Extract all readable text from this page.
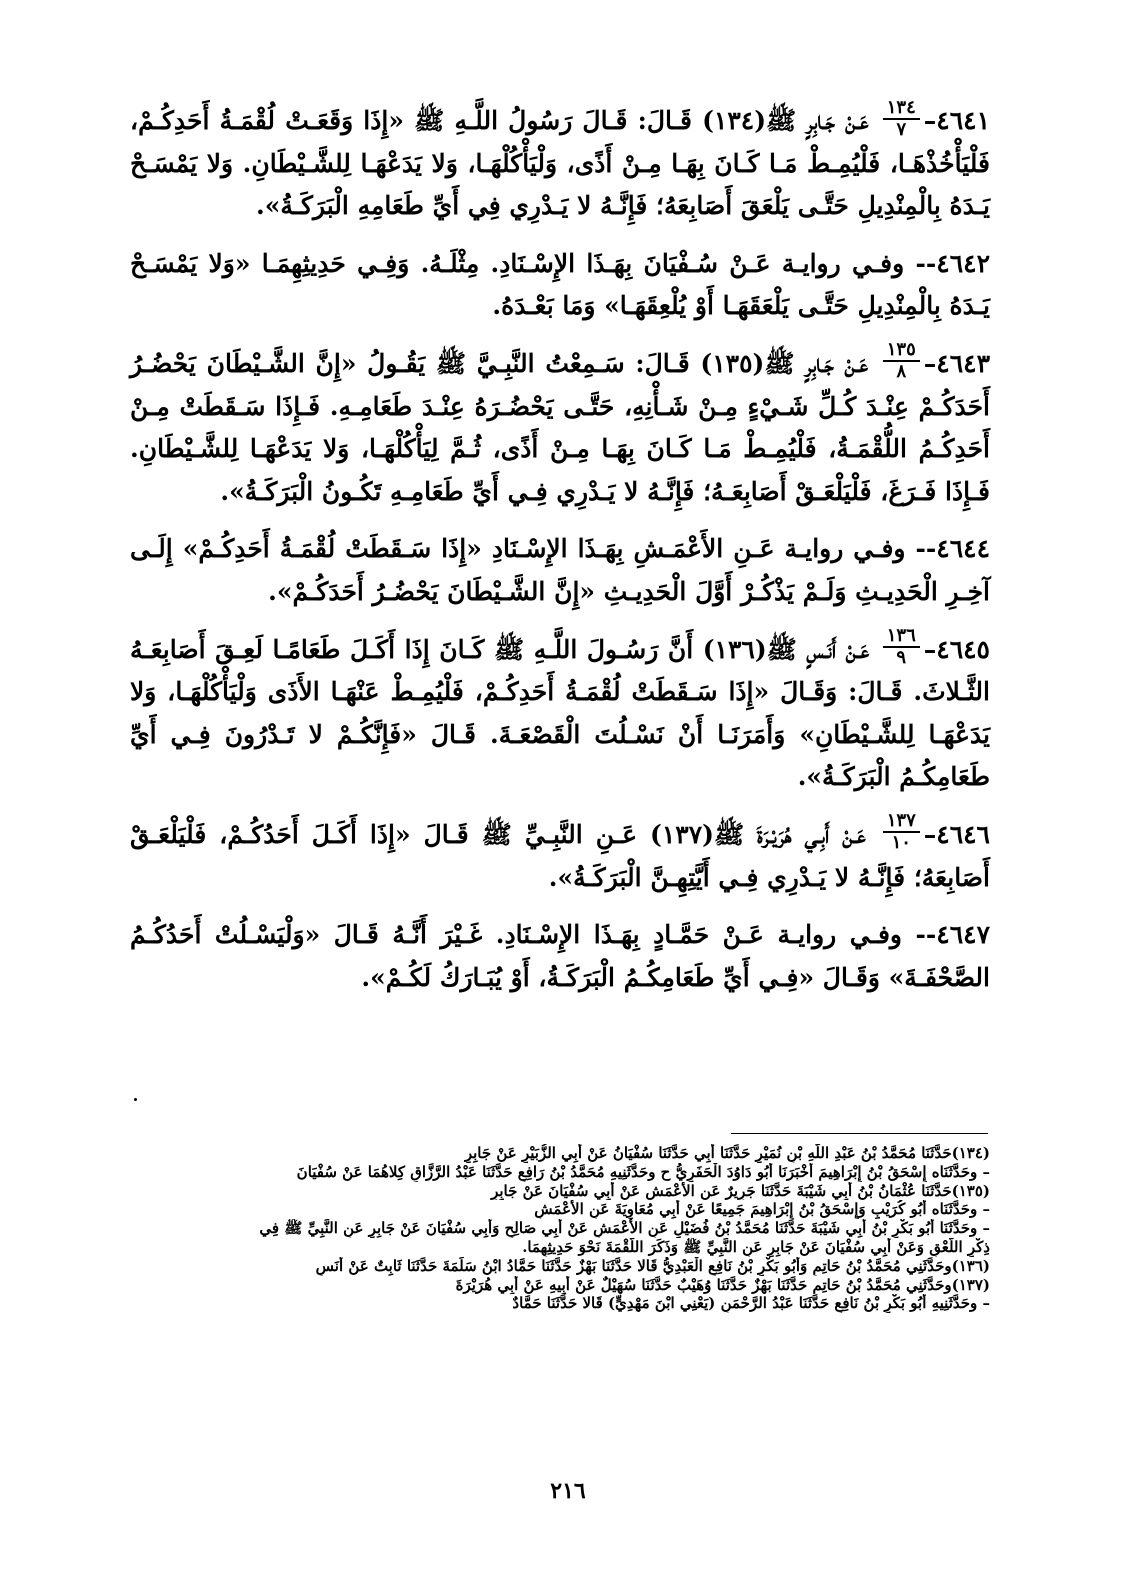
٤٦٤١–
$\frac{١٣٤}{٧}$
عَـنْ جَـابِرٍ ﷺ(١٣٤) قَـالَ: قَـالَ رَسُولُ اللَّـهِ ﷺ «إِذَا وَقَعَـتْ لُقْمَـةُ أَحَدِكُـمْ، فَلْيَأْخُذْهَـا، فَلْيُمِـطْ مَـا كَـانَ بِهَـا مِـنْ أَذًى، وَلْيَأْكُلْهَـا، وَلا يَدَعْهَـا لِلشَّـيْطَانِ. وَلا يَمْسَـحْ يَـدَهُ بِالْمِنْدِيلِ حَتَّـى يَلْعَقَ أَصَابِعَهُ؛ فَإِنَّـهُ لا يَـدْرِي فِي أَيِّ طَعَامِهِ الْبَرَكَـةُ».

٤٦٤٢-- وفـي روايـة عَـنْ سُـفْيَانَ بِهَـذَا الإِسْـنَادِ. مِثْلَـهُ. وَفِـي حَدِيثِهِمَـا «وَلا يَمْسَـحْ يَـدَهُ بِالْمِنْدِيلِ حَتَّـى يَلْعَقَهَـا أَوْ يُلْعِقَهَـا» وَمَا بَعْـدَهُ.

٤٦٤٣–
$\frac{١٣٥}{٨}$
عَـنْ جَـابِرٍ ﷺ(١٣٥) قَـالَ: سَـمِعْتُ النَّبِـيَّ ﷺ يَقُـولُ «إِنَّ الشَّـيْطَانَ يَحْضُـرُ أَحَدَكُـمْ عِنْـدَ كُـلِّ شَـيْءٍ مِـنْ شَـأْنِهِ، حَتَّـى يَحْضُـرَهُ عِنْـدَ طَعَامِـهِ. فَـإِذَا سَـقَطَتْ مِـنْ أَحَدِكُـمُ اللُّقْمَـةُ، فَلْيُمِـطْ مَـا كَـانَ بِهَـا مِـنْ أَذًى، ثُـمَّ لِيَأْكُلْهَـا، وَلا يَدَعْهَـا لِلشَّـيْطَانِ. فَـإِذَا فَـرَغَ، فَلْيَلْعَـقْ أَصَابِعَـهُ؛ فَإِنَّـهُ لا يَـدْرِي فِـي أَيِّ طَعَامِـهِ تَكُـونُ الْبَرَكَـةُ».

٤٦٤٤-- وفـي روايـة عَـنِ الأَعْمَـشِ بِهَـذَا الإِسْـنَادِ «إِذَا سَـقَطَتْ لُقْمَـةُ أَحَدِكُـمْ» إِلَـى آخِـرِ الْحَدِيـثِ وَلَـمْ يَذْكُـرْ أَوَّلَ الْحَدِيـثِ «إِنَّ الشَّـيْطَانَ يَحْضُـرُ أَحَدَكُـمْ».

٤٦٤٥–
$\frac{١٣٦}{٩}$
عَـنْ أَنَـسٍ ﷺ(١٣٦) أَنَّ رَسُـولَ اللَّـهِ ﷺ كَـانَ إِذَا أَكَـلَ طَعَامًـا لَعِـقَ أَصَابِعَـهُ الثَّـلاثَ. قَـالَ: وَقَـالَ «إِذَا سَـقَطَتْ لُقْمَـةُ أَحَدِكُـمْ، فَلْيُمِـطْ عَنْهَـا الأَذَى وَلْيَأْكُلْهَـا، وَلا يَدَعْهَـا لِلشَّـيْطَانِ» وَأَمَرَنَـا أَنْ نَسْـلُتَ الْقَصْعَـةَ. قَـالَ «فَإِنَّكُـمْ لا تَـدْرُونَ فِـي أَيِّ طَعَامِكُـمُ الْبَرَكَـةُ».

٤٦٤٦–
$\frac{١٣٧}{١٠}$
عَـنْ أَبِـي هُرَيْـرَةَ ﷺ(١٣٧) عَـنِ النَّبِـيِّ ﷺ قَـالَ «إِذَا أَكَـلَ أَحَدُكُـمْ، فَلْيَلْعَـقْ أَصَابِعَهُ؛ فَإِنَّـهُ لا يَـدْرِي فِـي أَيَّتِهِـنَّ الْبَرَكَـةُ».

٤٦٤٧-- وفـي روايـة عَـنْ حَمَّـادٍ بِهَـذَا الإِسْـنَادِ. غَـيْرَ أَنَّـهُ قَـالَ «وَلْيَسْـلُتْ أَحَدُكُـمُ الصَّحْفَـةَ» وَقَـالَ «فِـي أَيِّ طَعَامِكُـمُ الْبَرَكَـةُ، أَوْ يُبَـارَكُ لَكُـمْ».

(١٣٤)حَدَّثَنَا مُحَمَّدُ بْنُ عَبْدِ اللَّهِ بْنِ نُمَيْرٍ حَدَّثَنَا أَبِي حَدَّثَنَا سُفْيَانُ عَنْ أَبِي الزُّبَيْرِ عَنْ جَابِرٍ
– وحَدَّثَنَاه إِسْحَقُ بْنُ إِبْرَاهِيمَ أَخْبَرَنَا أَبُو دَاوُدَ الْحَفَرِيُّ ح وحَدَّثَنِيهِ مُحَمَّدُ بْنُ رَافِعٍ حَدَّثَنَا عَبْدُ الرَّزَّاقِ كِلاهُمَا عَنْ سُفْيَانَ
(١٣٥)حَدَّثَنَا عُثْمَانُ بْنُ أَبِي شَيْبَةَ حَدَّثَنَا جَرِيرٌ عَنِ الأَعْمَشِ عَنْ أَبِي سُفْيَانَ عَنْ جَابِرٍ
– وحَدَّثَنَاه أَبُو كُرَيْبٍ وَإِسْحَقُ بْنُ إِبْرَاهِيمَ جَمِيعًا عَنْ أَبِي مُعَاوِيَةَ عَنِ الأَعْمَشِ
– وحَدَّثَنَا أَبُو بَكْرِ بْنُ أَبِي شَيْبَةَ حَدَّثَنَا مُحَمَّدُ بْنُ فُضَيْلٍ عَنِ الأَعْمَشِ عَنْ أَبِي صَالِحٍ وَأَبِي سُفْيَانَ عَنْ جَابِرٍ عَنِ النَّبِيِّ ﷺ فِي
ذِكْرِ اللَّعْقِ وَعَنْ أَبِي سُفْيَانَ عَنْ جَابِرٍ عَنِ النَّبِيِّ ﷺ وَذَكَرَ اللُّقْمَةَ نَحْوَ حَدِيثِهِمَا.
(١٣٦)وحَدَّثَنِي مُحَمَّدُ بْنُ حَاتِمٍ وَأَبُو بَكْرِ بْنُ نَافِعٍ الْعَبْدِيُّ قَالا حَدَّثَنَا بَهْزٌ حَدَّثَنَا حَمَّادُ ابْنُ سَلَمَةَ حَدَّثَنَا ثَابِتٌ عَنْ أَنَسٍ
(١٣٧)وحَدَّثَنِي مُحَمَّدُ بْنُ حَاتِمٍ حَدَّثَنَا بَهْزٌ حَدَّثَنَا وُهَيْبٌ حَدَّثَنَا سُهَيْلٌ عَنْ أَبِيهِ عَنْ أَبِي هُرَيْرَةَ
– وحَدَّثَنِيهِ أَبُو بَكْرِ بْنُ نَافِعٍ حَدَّثَنَا عَبْدُ الرَّحْمَنِ (يَعْنِي ابْنَ مَهْدِيٍّ) قَالا حَدَّثَنَا حَمَّادٌ
٢١٦
